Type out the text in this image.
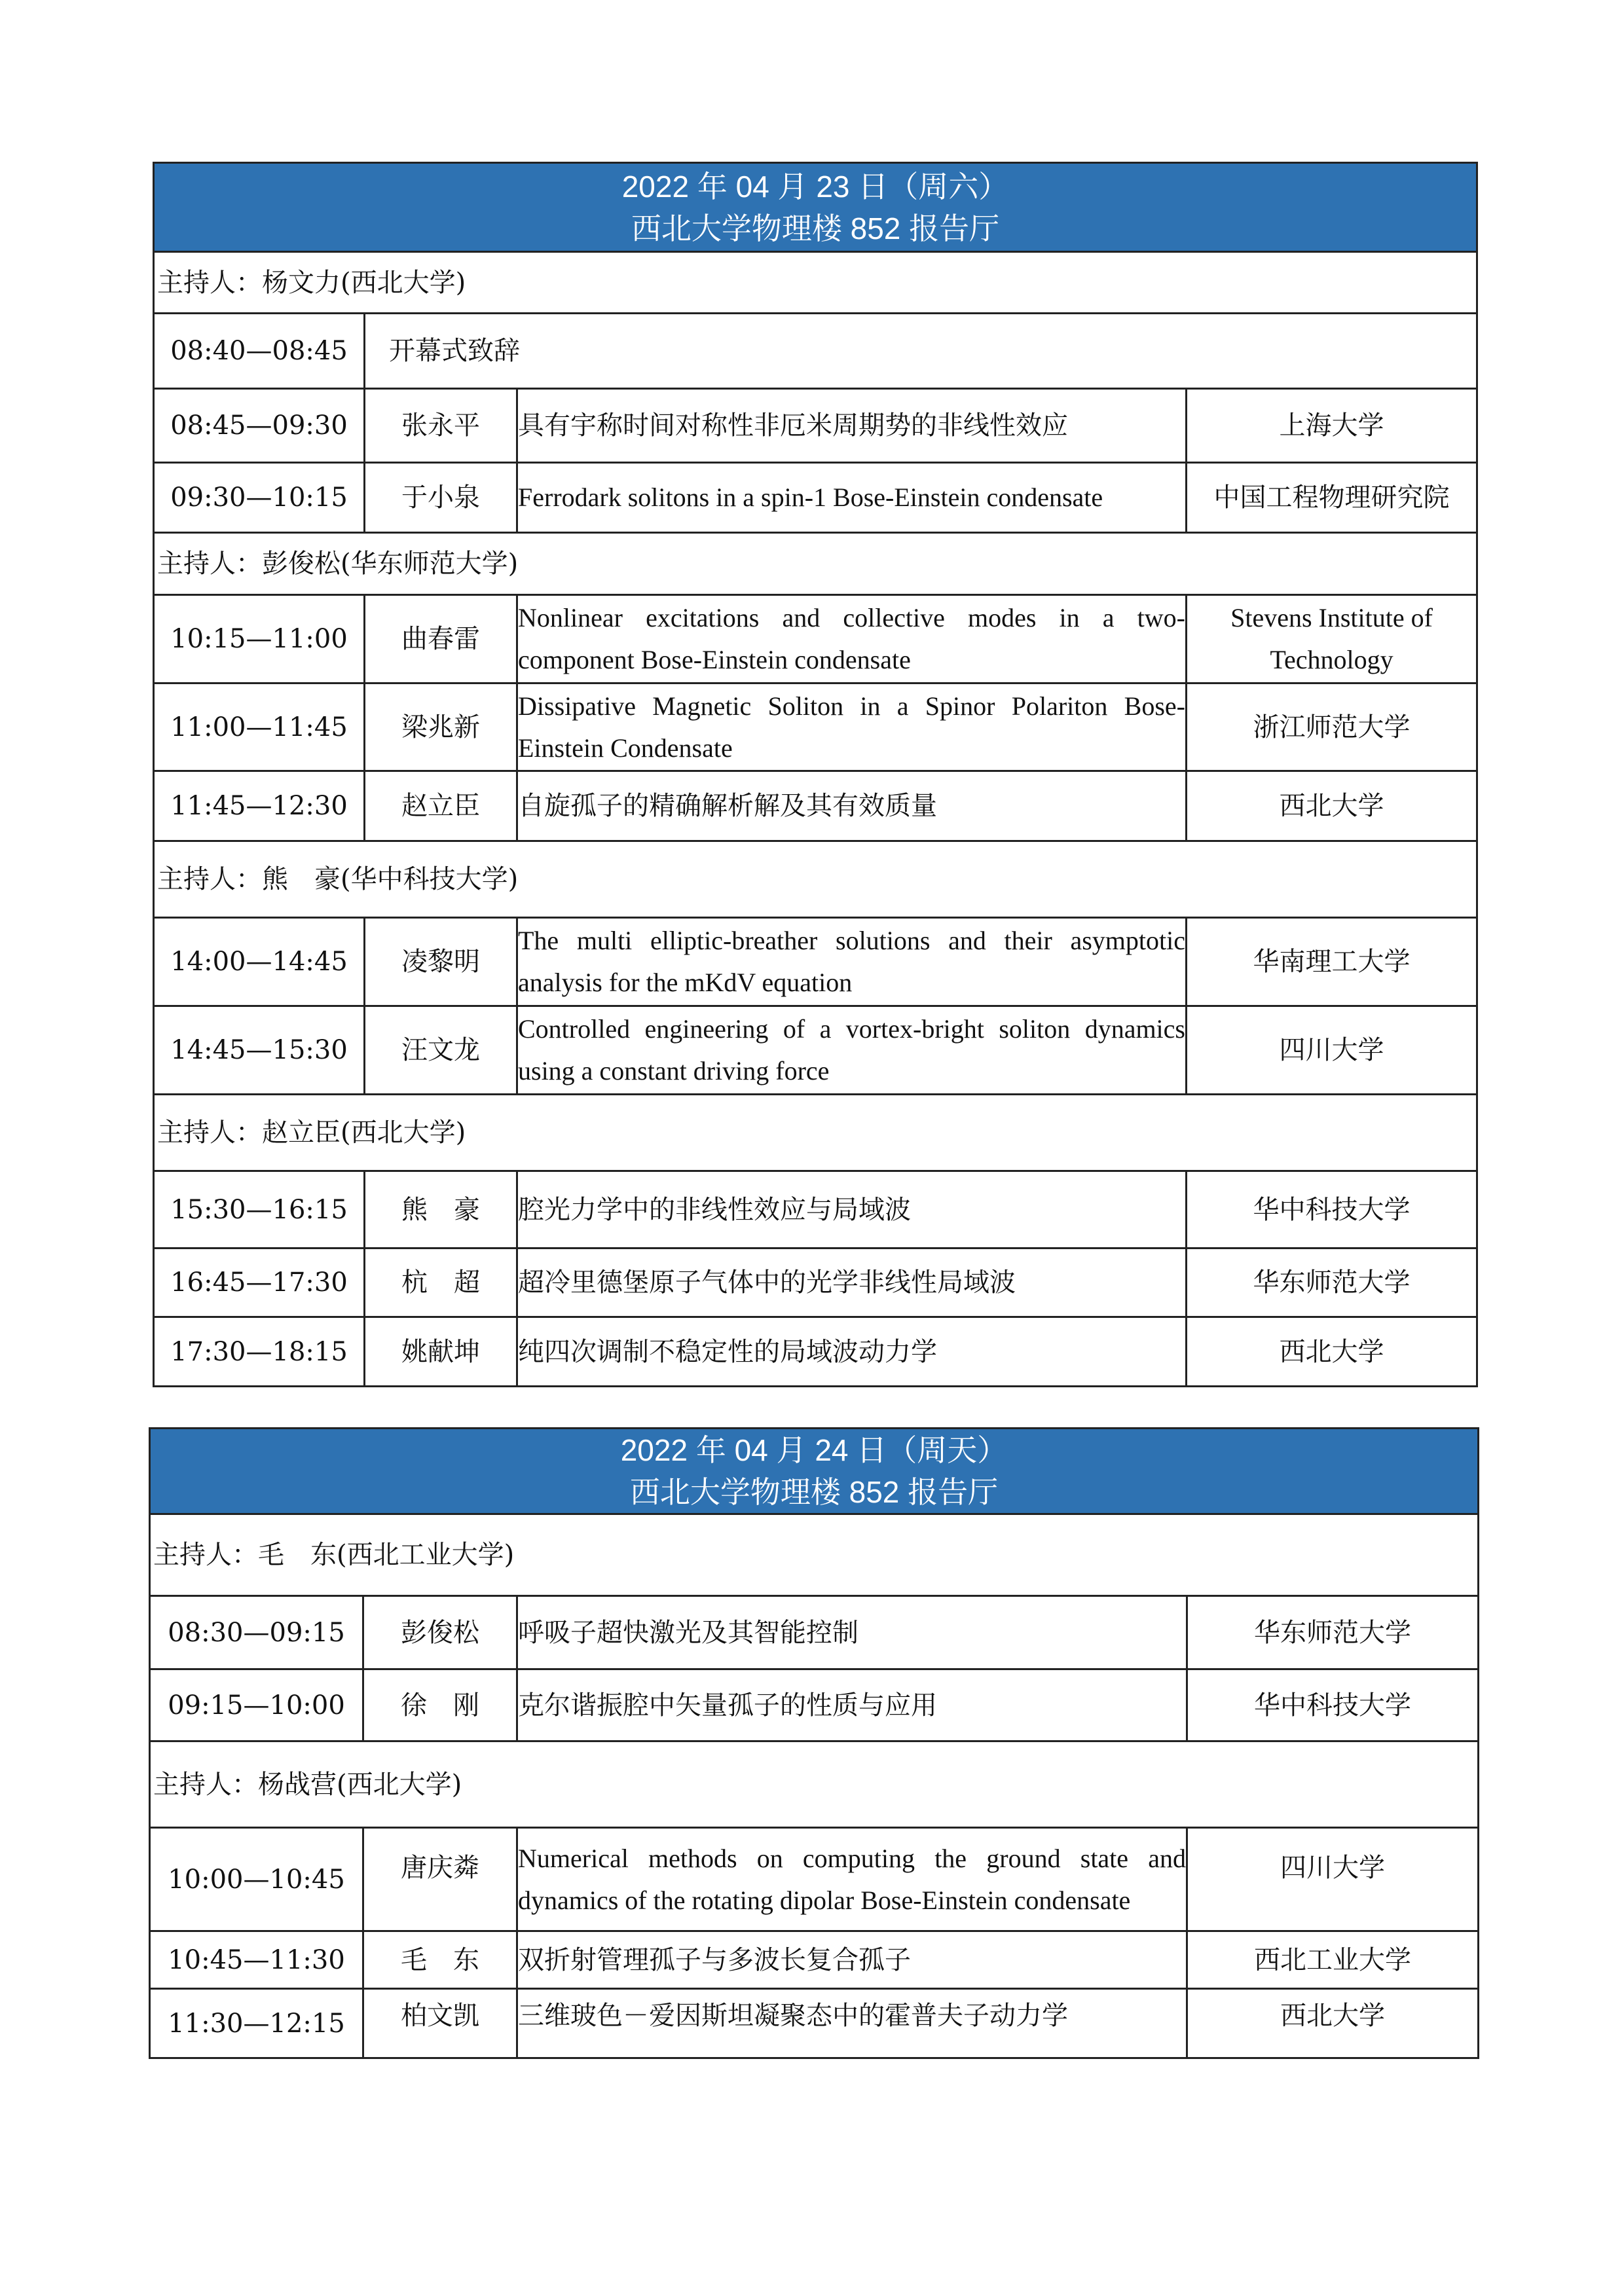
2022 年 04 月 23 日（周六）
西北大学物理楼 852 报告厅			

主持人：杨文力(西北大学)			
08:40—08:45	开幕式致辞		
08:45—09:30	张永平	具有宇称时间对称性非厄米周期势的非线性效应	上海大学
09:30—10:15	于小泉	Ferrodark solitons in a spin-1 Bose-Einstein condensate	中国工程物理研究院
主持人：彭俊松(华东师范大学)			
10:15—11:00	曲春雷	Nonlinear excitations and collective modes in a two-component Bose-Einstein condensate	Stevens Institute of Technology
11:00—11:45	梁兆新	Dissipative Magnetic Soliton in a Spinor Polariton Bose-Einstein Condensate	浙江师范大学
11:45—12:30	赵立臣	自旋孤子的精确解析解及其有效质量	西北大学
主持人：熊　豪(华中科技大学)			
14:00—14:45	凌黎明	The multi elliptic-breather solutions and their asymptotic analysis for the mKdV equation	华南理工大学
14:45—15:30	汪文龙	Controlled engineering of a vortex-bright soliton dynamics using a constant driving force	四川大学
主持人：赵立臣(西北大学)			
15:30—16:15	熊　豪	腔光力学中的非线性效应与局域波	华中科技大学
16:45—17:30	杭　超	超冷里德堡原子气体中的光学非线性局域波	华东师范大学
17:30—18:15	姚献坤	纯四次调制不稳定性的局域波动力学	西北大学
2022 年 04 月 24 日（周天）
西北大学物理楼 852 报告厅			

主持人：毛　东(西北工业大学)			
08:30—09:15	彭俊松	呼吸子超快激光及其智能控制	华东师范大学
09:15—10:00	徐　刚	克尔谐振腔中矢量孤子的性质与应用	华中科技大学
主持人：杨战营(西北大学)			
10:00—10:45	唐庆粦	Numerical methods on computing the ground state and dynamics of the rotating dipolar Bose-Einstein condensate	四川大学
10:45—11:30	毛　东	双折射管理孤子与多波长复合孤子	西北工业大学
11:30—12:15	柏文凯	三维玻色－爱因斯坦凝聚态中的霍普夫子动力学	西北大学
